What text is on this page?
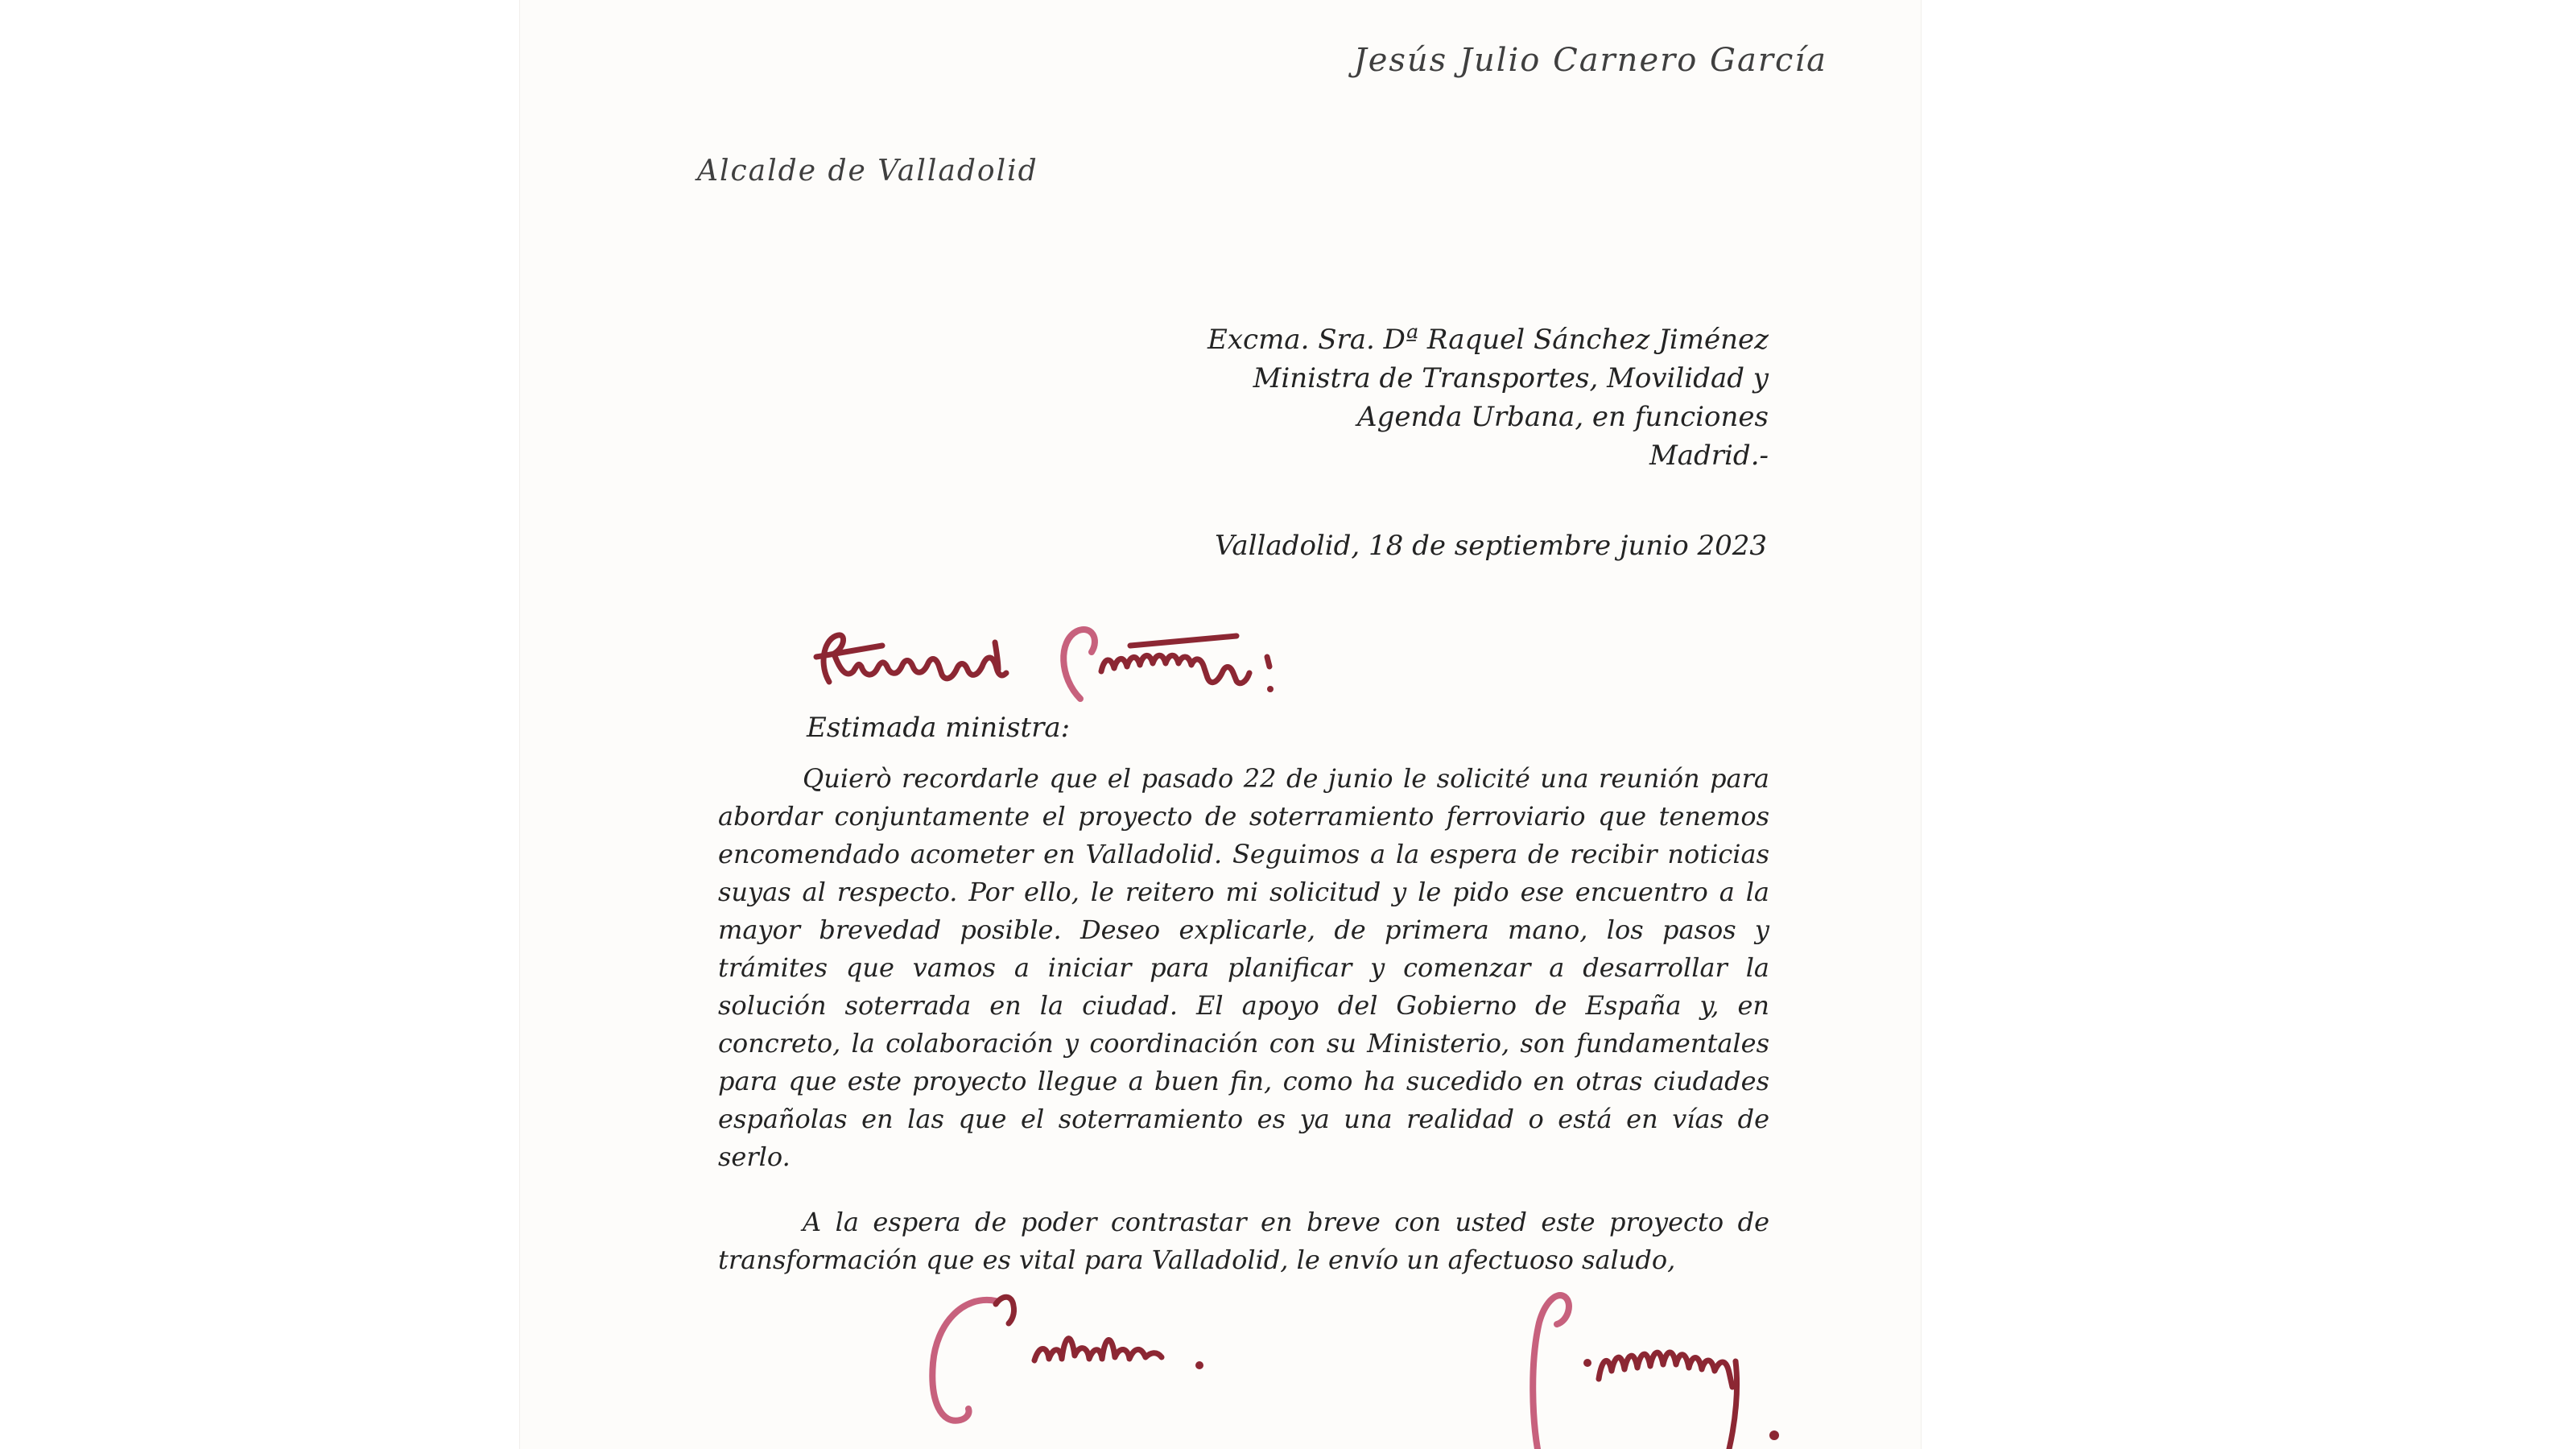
Jesús Julio Carnero García
Alcalde de Valladolid
Excma. Sra. Dª Raquel Sánchez Jiménez
Ministra de Transportes, Movilidad y
Agenda Urbana, en funciones
Madrid.-
Valladolid, 18 de septiembre junio 2023
Estimada ministra:
Quierò recordarle que el pasado 22 de junio le solicité una reunión para
abordar conjuntamente el proyecto de soterramiento ferroviario que tenemos
encomendado acometer en Valladolid. Seguimos a la espera de recibir noticias
suyas al respecto. Por ello, le reitero mi solicitud y le pido ese encuentro a la
mayor brevedad posible. Deseo explicarle, de primera mano, los pasos y
trámites que vamos a iniciar para planificar y comenzar a desarrollar la
solución soterrada en la ciudad. El apoyo del Gobierno de España y, en
concreto, la colaboración y coordinación con su Ministerio, son fundamentales
para que este proyecto llegue a buen fin, como ha sucedido en otras ciudades
españolas en las que el soterramiento es ya una realidad o está en vías de
serlo.
A la espera de poder contrastar en breve con usted este proyecto de
transformación que es vital para Valladolid, le envío un afectuoso saludo,
